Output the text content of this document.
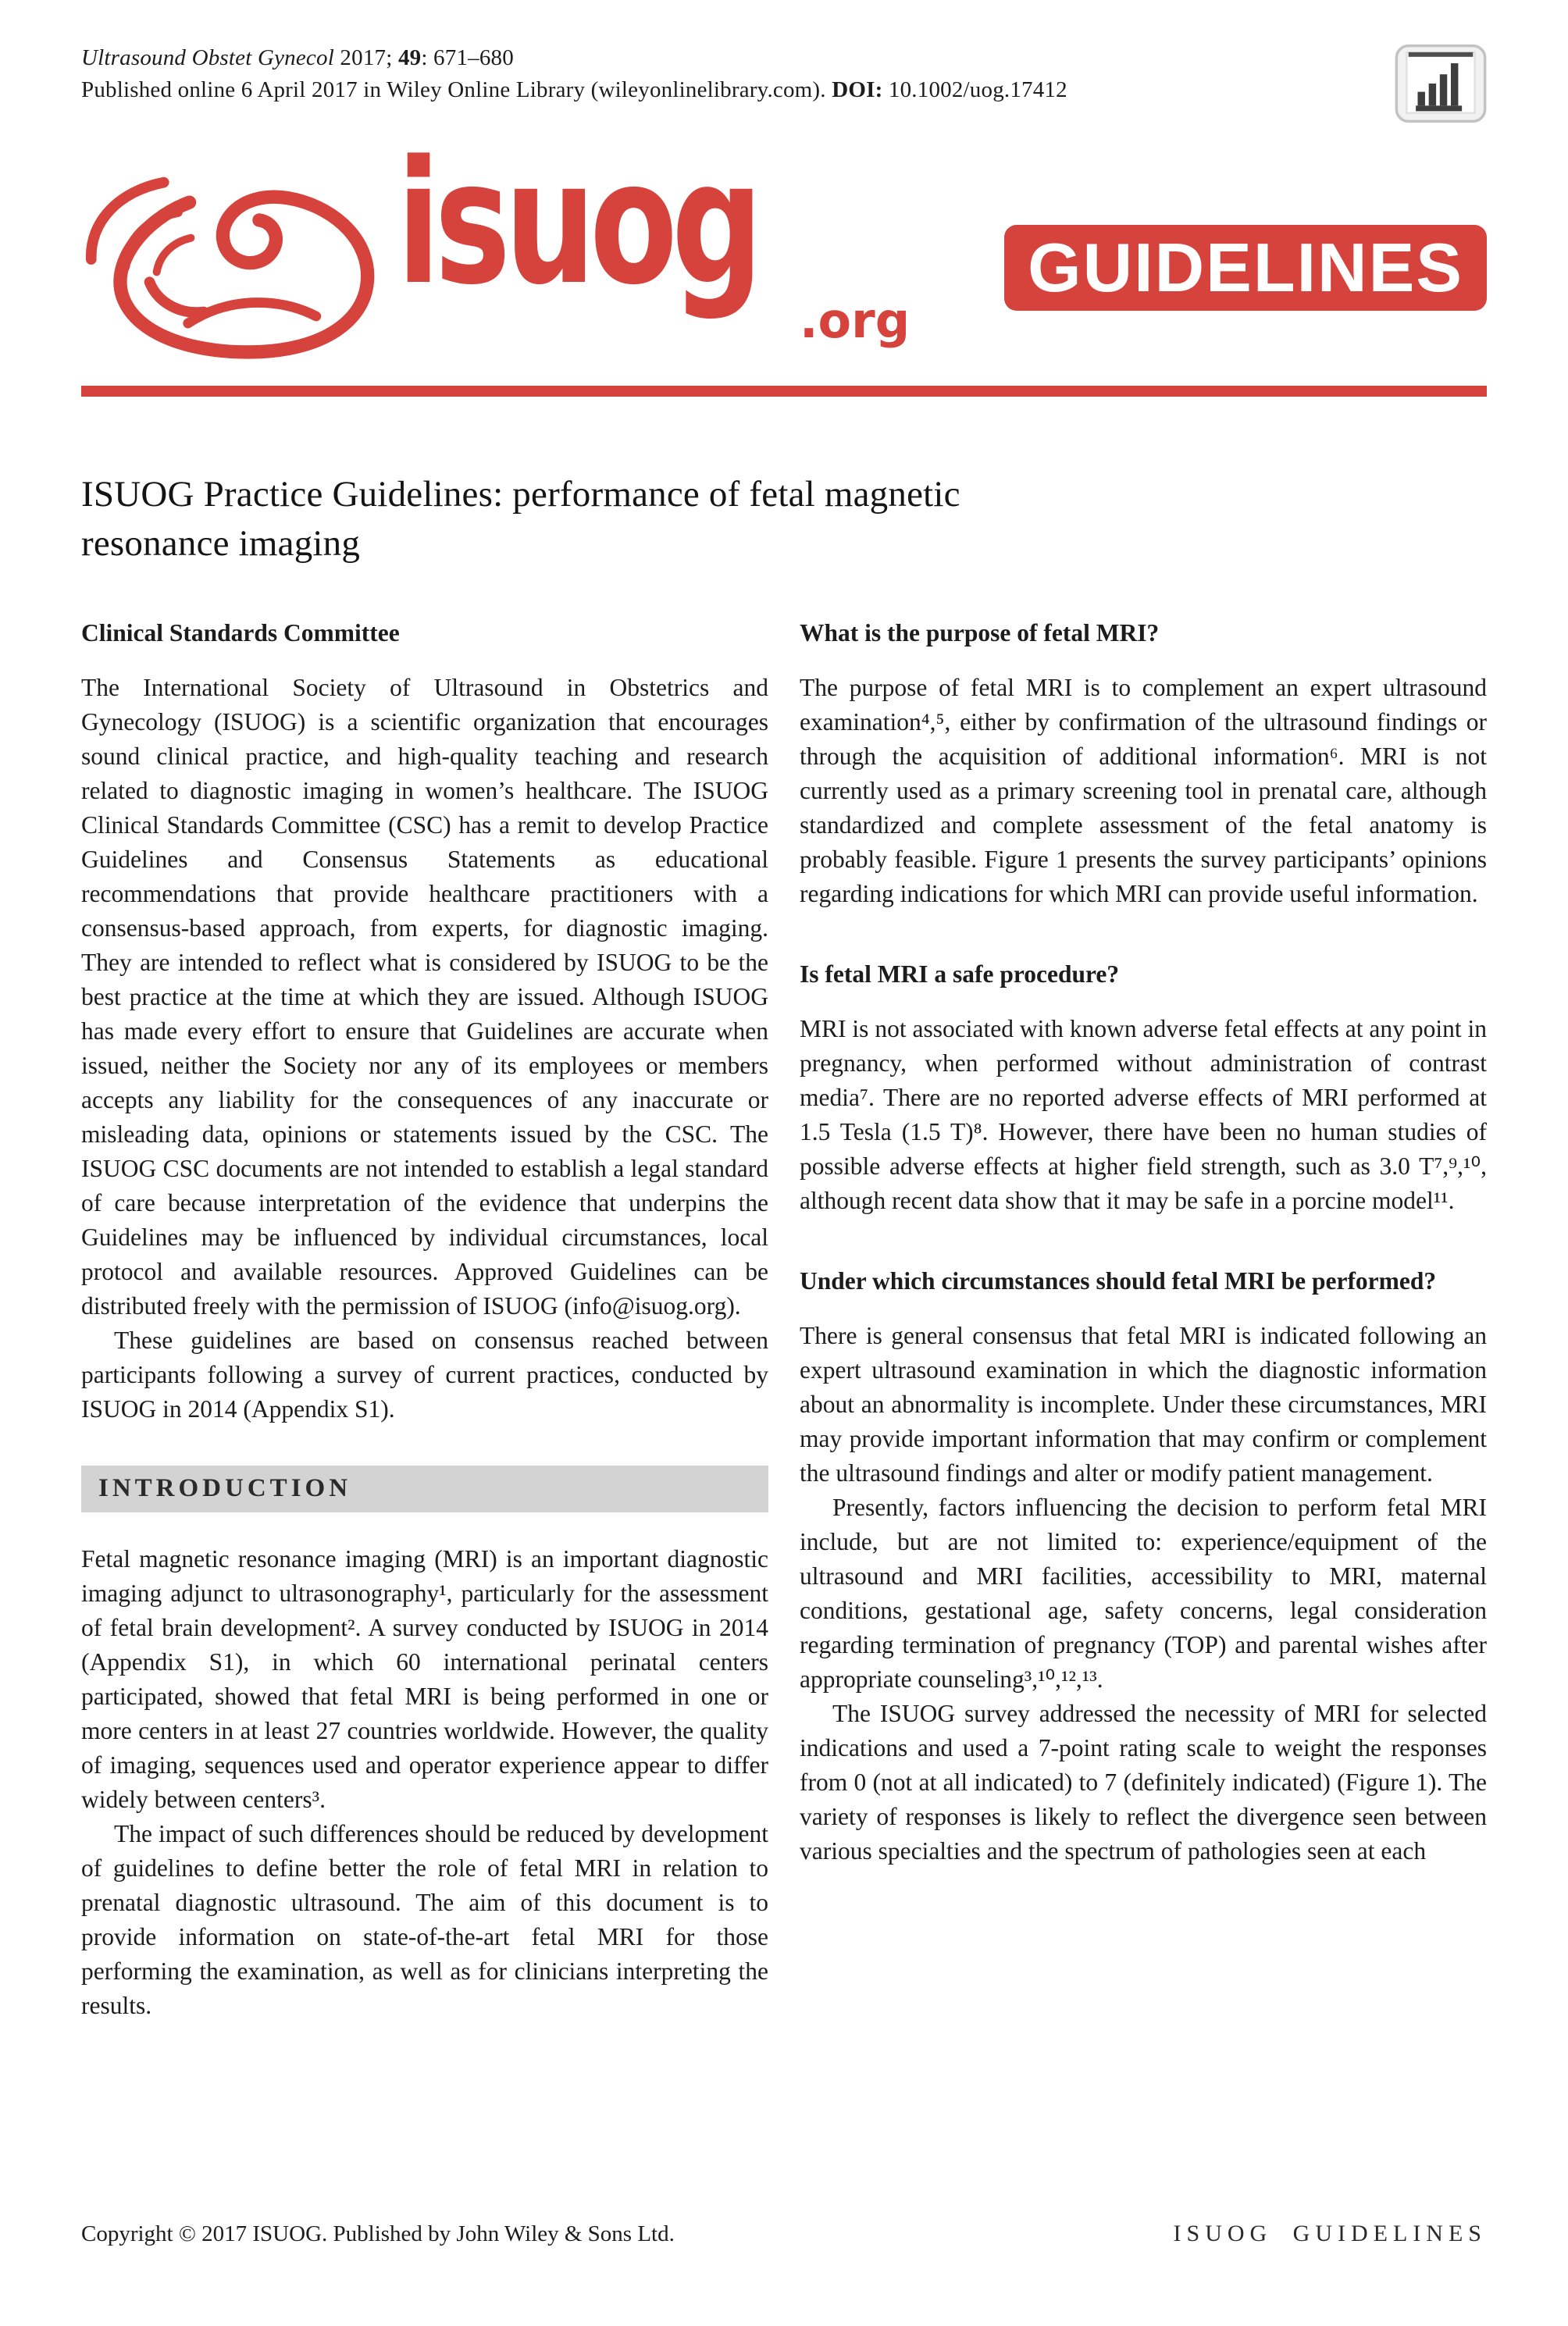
Ultrasound Obstet Gynecol 2017; 49: 671–680
Published online 6 April 2017 in Wiley Online Library (wileyonlinelibrary.com). DOI: 10.1002/uog.17412
isuog .org
GUIDELINES
ISUOG Practice Guidelines: performance of fetal magnetic
resonance imaging
Clinical Standards Committee

The International Society of Ultrasound in Obstetrics and Gynecology (ISUOG) is a scientific organization that encourages sound clinical practice, and high-quality teaching and research related to diagnostic imaging in women’s healthcare. The ISUOG Clinical Standards Committee (CSC) has a remit to develop Practice Guidelines and Consensus Statements as educational recommendations that provide healthcare practitioners with a consensus-based approach, from experts, for diagnostic imaging. They are intended to reflect what is considered by ISUOG to be the best practice at the time at which they are issued. Although ISUOG has made every effort to ensure that Guidelines are accurate when issued, neither the Society nor any of its employees or members accepts any liability for the consequences of any inaccurate or misleading data, opinions or statements issued by the CSC. The ISUOG CSC documents are not intended to establish a legal standard of care because interpretation of the evidence that underpins the Guidelines may be influenced by individual circumstances, local protocol and available resources. Approved Guidelines can be distributed freely with the permission of ISUOG (info@isuog.org).

These guidelines are based on consensus reached between participants following a survey of current practices, conducted by ISUOG in 2014 (Appendix S1).

INTRODUCTION

Fetal magnetic resonance imaging (MRI) is an important diagnostic imaging adjunct to ultrasonography¹, particularly for the assessment of fetal brain development². A survey conducted by ISUOG in 2014 (Appendix S1), in which 60 international perinatal centers participated, showed that fetal MRI is being performed in one or more centers in at least 27 countries worldwide. However, the quality of imaging, sequences used and operator experience appear to differ widely between centers³.

The impact of such differences should be reduced by development of guidelines to define better the role of fetal MRI in relation to prenatal diagnostic ultrasound. The aim of this document is to provide information on state-of-the-art fetal MRI for those performing the examination, as well as for clinicians interpreting the results.

What is the purpose of fetal MRI?

The purpose of fetal MRI is to complement an expert ultrasound examination⁴,⁵, either by confirmation of the ultrasound findings or through the acquisition of additional information⁶. MRI is not currently used as a primary screening tool in prenatal care, although standardized and complete assessment of the fetal anatomy is probably feasible. Figure 1 presents the survey participants’ opinions regarding indications for which MRI can provide useful information.

Is fetal MRI a safe procedure?

MRI is not associated with known adverse fetal effects at any point in pregnancy, when performed without administration of contrast media⁷. There are no reported adverse effects of MRI performed at 1.5 Tesla (1.5 T)⁸. However, there have been no human studies of possible adverse effects at higher field strength, such as 3.0 T⁷,⁹,¹⁰, although recent data show that it may be safe in a porcine model¹¹.

Under which circumstances should fetal MRI be performed?

There is general consensus that fetal MRI is indicated following an expert ultrasound examination in which the diagnostic information about an abnormality is incomplete. Under these circumstances, MRI may provide important information that may confirm or complement the ultrasound findings and alter or modify patient management.

Presently, factors influencing the decision to perform fetal MRI include, but are not limited to: experience/equipment of the ultrasound and MRI facilities, accessibility to MRI, maternal conditions, gestational age, safety concerns, legal consideration regarding termination of pregnancy (TOP) and parental wishes after appropriate counseling³,¹⁰,¹²,¹³.

The ISUOG survey addressed the necessity of MRI for selected indications and used a 7-point rating scale to weight the responses from 0 (not at all indicated) to 7 (definitely indicated) (Figure 1). The variety of responses is likely to reflect the divergence seen between various specialties and the spectrum of pathologies seen at each

Copyright © 2017 ISUOG. Published by John Wiley & Sons Ltd.	ISUOG GUIDELINES
